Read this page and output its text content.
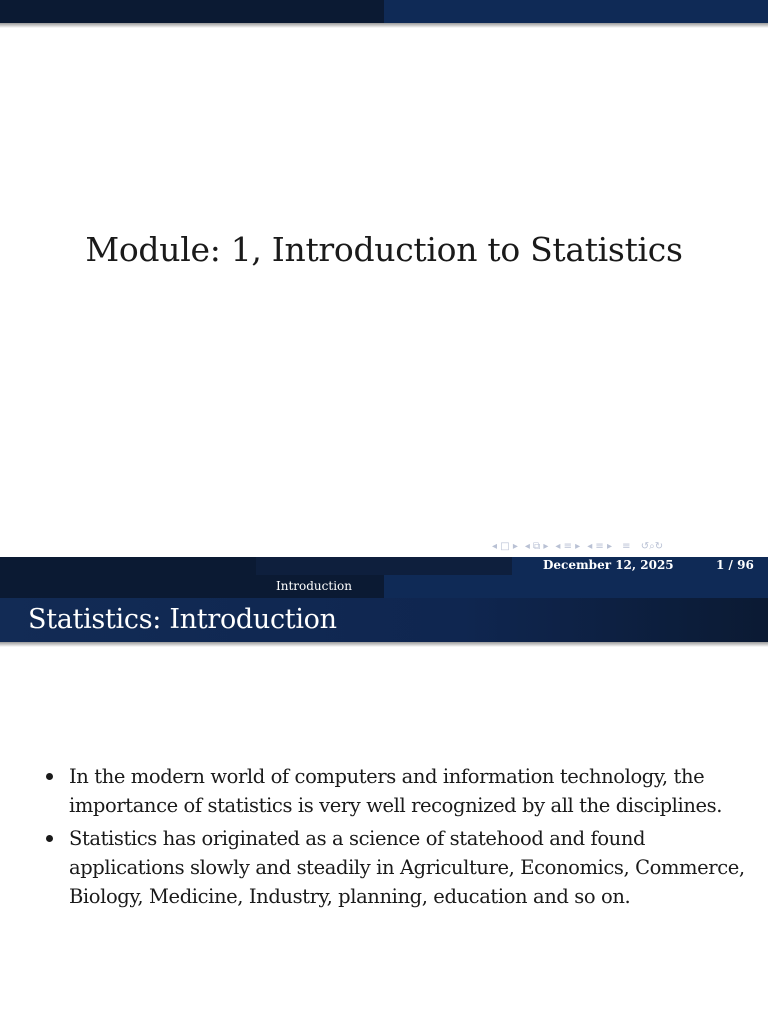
Module: 1, Introduction to Statistics
◂ □ ▸ ◂ ⧉ ▸ ◂ ≡ ▸ ◂ ≡ ▸ ≡ ↺⌕↻
December 12, 2025	1 / 96
Introduction
Statistics: Introduction
In the modern world of computers and information technology, the importance of statistics is very well recognized by all the disciplines.
Statistics has originated as a science of statehood and found applications slowly and steadily in Agriculture, Economics, Commerce, Biology, Medicine, Industry, planning, education and so on.
